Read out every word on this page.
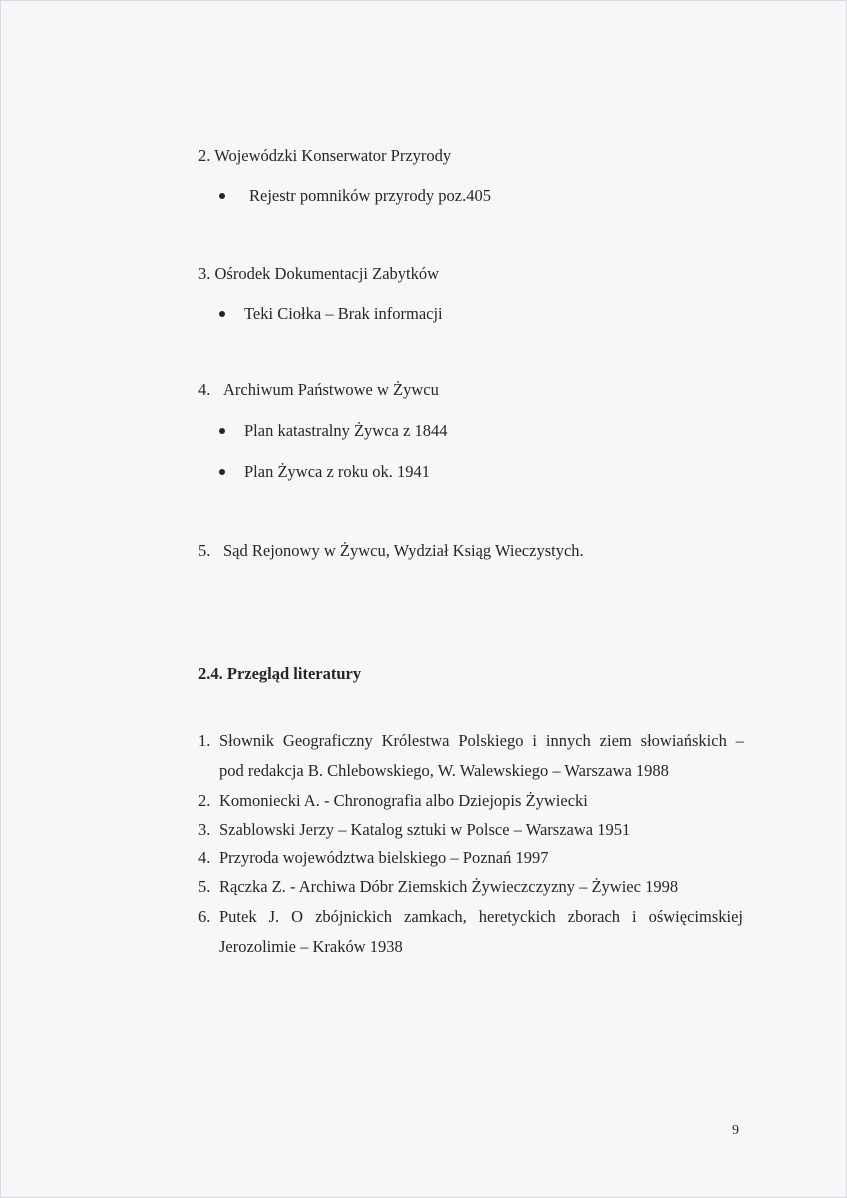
2. Wojewódzki Konserwator Przyrody
Rejestr pomników przyrody poz.405
3. Ośrodek Dokumentacji Zabytków
Teki Ciołka – Brak informacji
4. Archiwum Państwowe w Żywcu
Plan katastralny Żywca z 1844
Plan Żywca z roku ok. 1941
5. Sąd Rejonowy w Żywcu, Wydział Ksiąg Wieczystych.
2.4. Przegląd literatury
1. Słownik Geograficzny Królestwa Polskiego i innych ziem słowiańskich –
pod redakcja B. Chlebowskiego, W. Walewskiego – Warszawa 1988
2. Komoniecki A. - Chronografia albo Dziejopis Żywiecki
3. Szablowski Jerzy – Katalog sztuki w Polsce – Warszawa 1951
4. Przyroda województwa bielskiego – Poznań 1997
5. Rączka Z. - Archiwa Dóbr Ziemskich Żywieczczyzny – Żywiec 1998
6. Putek J. O zbójnickich zamkach, heretyckich zborach i oświęcimskiej
Jerozolimie – Kraków 1938
9
